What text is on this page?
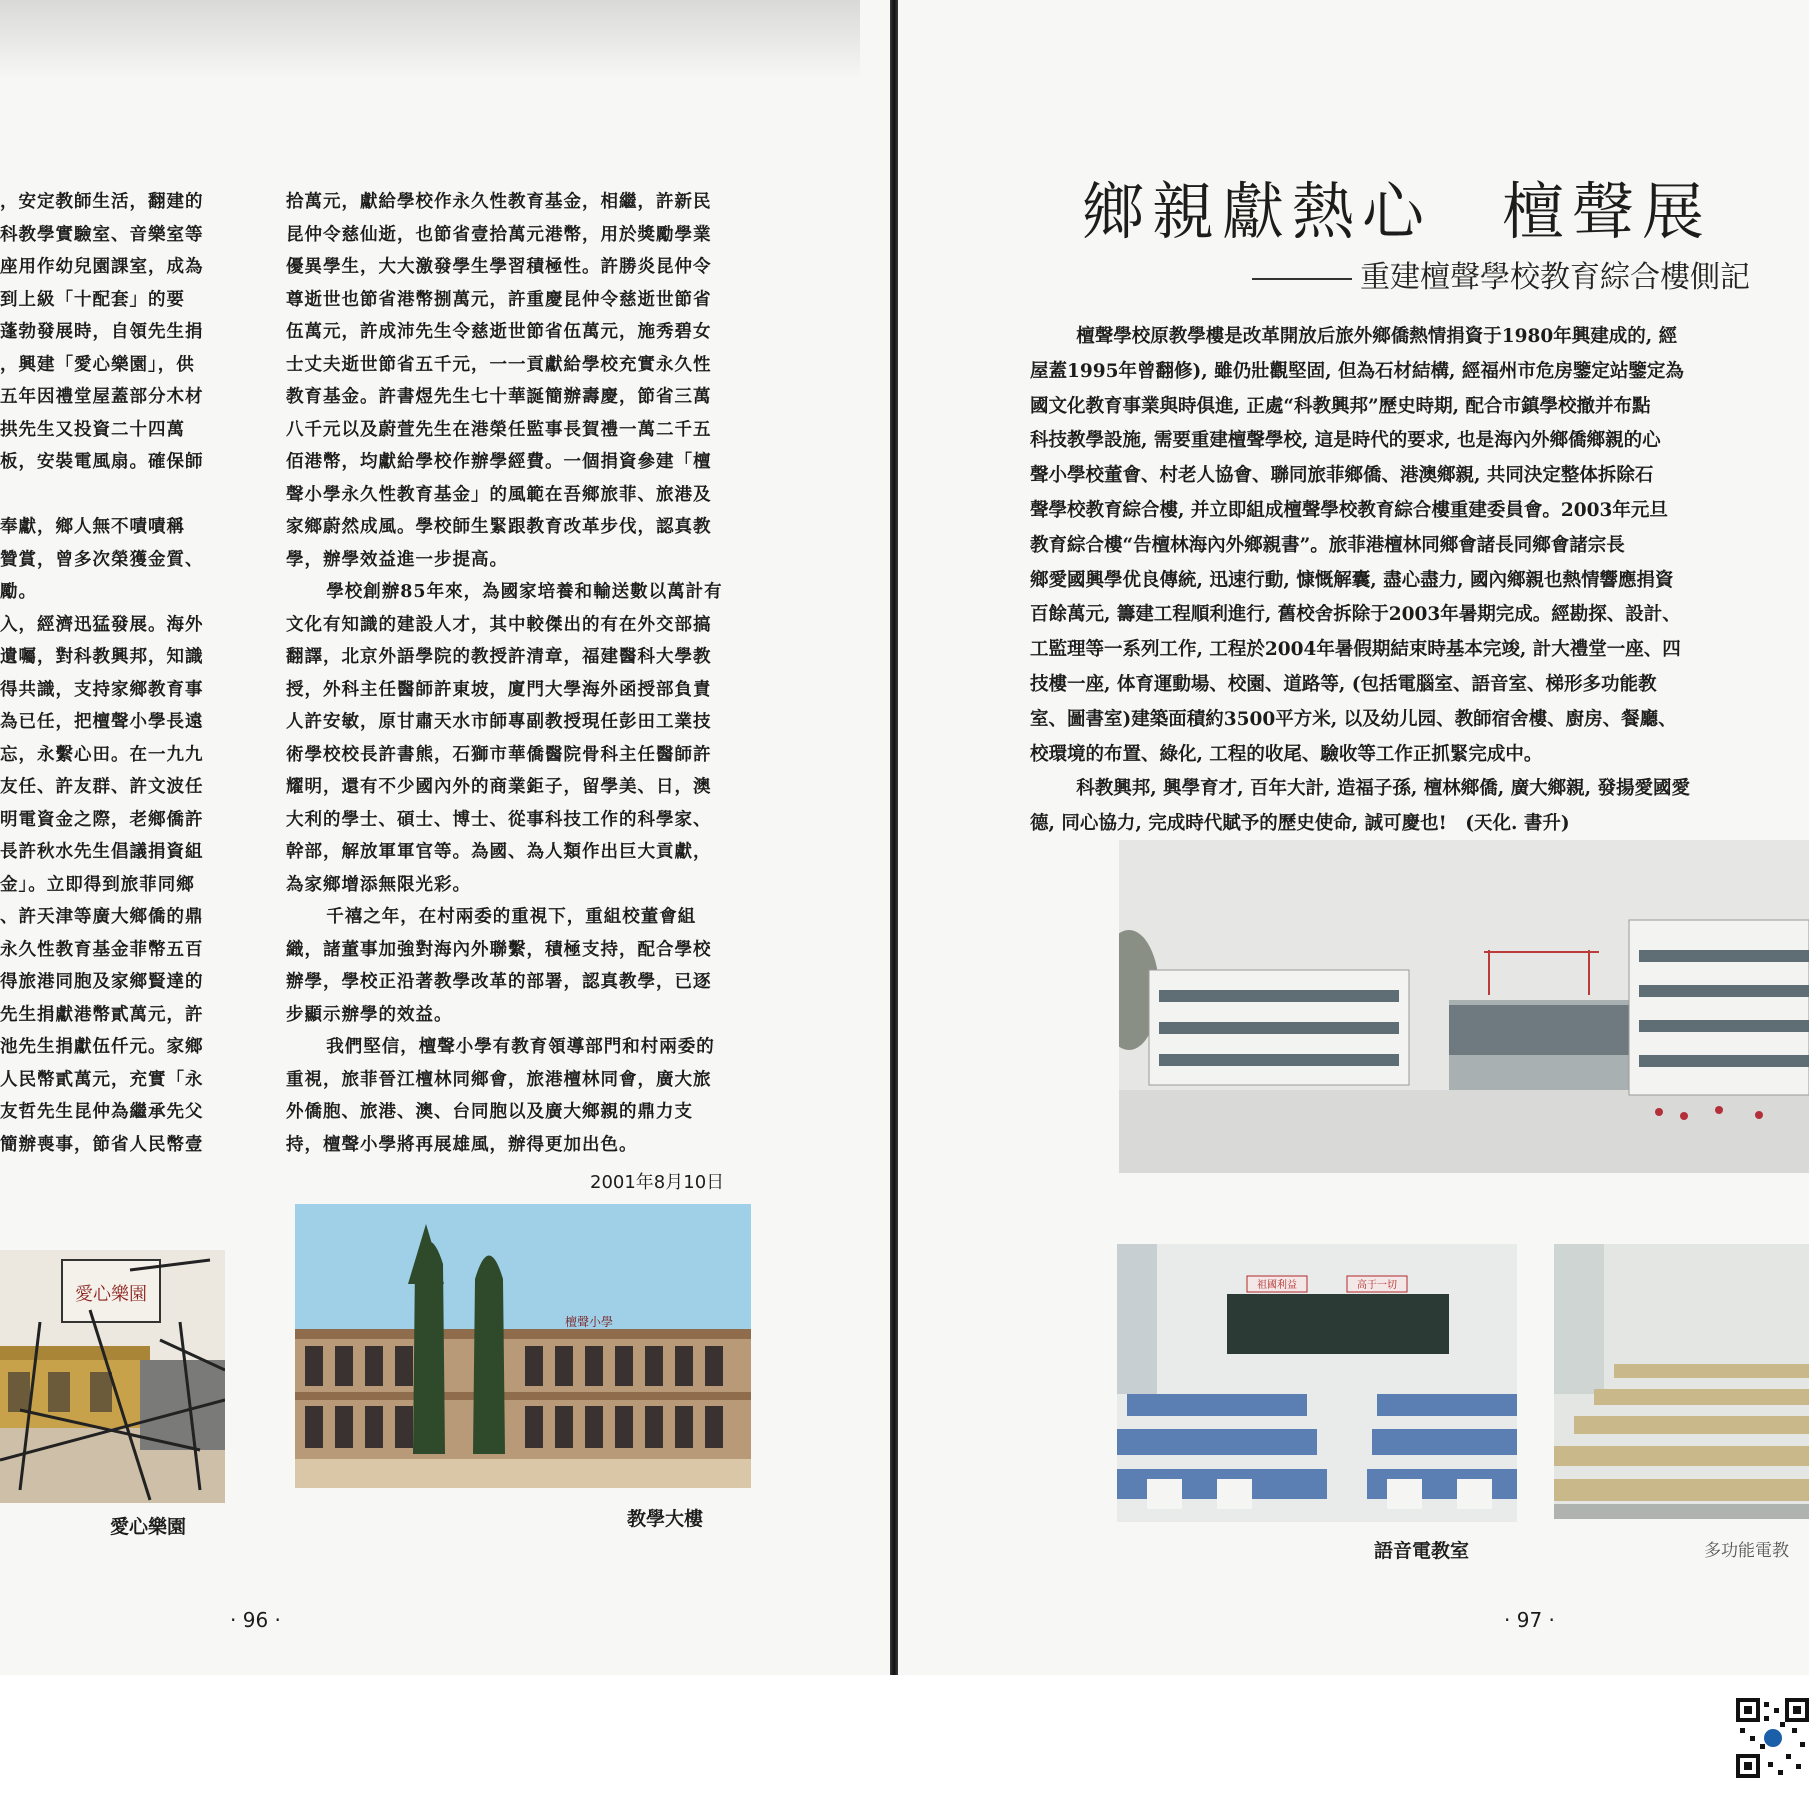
，安定教師生活，翻建的

科教學實驗室、音樂室等

座用作幼兒園課室，成為

到上級「十配套」的要

蓬勃發展時，自領先生捐

，興建「愛心樂園」，供

五年因禮堂屋蓋部分木材

拱先生又投資二十四萬

板，安裝電風扇。確保師

奉獻，鄉人無不嘖嘖稱

贊賞，曾多次榮獲金質、

勵。

入，經濟迅猛發展。海外

遺囑，對科教興邦，知識

得共識，支持家鄉教育事

為已任，把檀聲小學長遠

忘，永繫心田。在一九九

友任、許友群、許文波任

明電資金之際，老鄉僑許

長許秋水先生倡議捐資組

金」。立即得到旅菲同鄉

、許天津等廣大鄉僑的鼎

永久性教育基金菲幣五百

得旅港同胞及家鄉賢達的

先生捐獻港幣貳萬元，許

池先生捐獻伍仟元。家鄉

人民幣貳萬元，充實「永

友哲先生昆仲為繼承先父

簡辦喪事，節省人民幣壹

拾萬元，獻給學校作永久性教育基金，相繼，許新民

昆仲令慈仙逝，也節省壹拾萬元港幣，用於獎勵學業

優異學生，大大激發學生學習積極性。許勝炎昆仲令

尊逝世也節省港幣捌萬元，許重慶昆仲令慈逝世節省

伍萬元，許成沛先生令慈逝世節省伍萬元，施秀碧女

士丈夫逝世節省五千元，一一貢獻給學校充實永久性

教育基金。許書煜先生七十華誕簡辦壽慶，節省三萬

八千元以及蔚萱先生在港榮任監事長賀禮一萬二千五

佰港幣，均獻給學校作辦學經費。一個捐資參建「檀

聲小學永久性教育基金」的風範在吾鄉旅菲、旅港及

家鄉蔚然成風。學校師生緊跟教育改革步伐，認真教

學，辦學效益進一步提高。

學校創辦85年來，為國家培養和輸送數以萬計有

文化有知識的建設人才，其中較傑出的有在外交部搞

翻譯，北京外語學院的教授許清章，福建醫科大學教

授，外科主任醫師許東坡，廈門大學海外函授部負責

人許安敏，原甘肅天水市師專副教授現任彭田工業技

術學校校長許書熊，石獅市華僑醫院骨科主任醫師許

耀明，還有不少國內外的商業鉅子，留學美、日，澳

大利的學士、碩士、博士、從事科技工作的科學家、

幹部，解放軍軍官等。為國、為人類作出巨大貢獻，

為家鄉增添無限光彩。

千禧之年，在村兩委的重視下，重組校董會組

織，諸董事加強對海內外聯繫，積極支持，配合學校

辦學，學校正沿著教學改革的部署，認真教學，已逐

步顯示辦學的效益。

我們堅信，檀聲小學有教育領導部門和村兩委的

重視，旅菲晉江檀林同鄉會，旅港檀林同會，廣大旅

外僑胞、旅港、澳、台同胞以及廣大鄉親的鼎力支

持，檀聲小學將再展雄風，辦得更加出色。

2001年8月10日
愛心樂園
愛心樂園
檀聲小學
教學大樓
· 96 ·
鄉親獻熱心　檀聲展
重建檀聲學校教育綜合樓側記

檀聲學校原教學樓是改革開放后旅外鄉僑熱情捐資于1980年興建成的, 經

屋蓋1995年曾翻修), 雖仍壯觀堅固, 但為石材結構, 經福州市危房鑒定站鑒定為

國文化教育事業與時俱進, 正處“科教興邦”歷史時期, 配合市鎮學校撤并布點

科技教學設施, 需要重建檀聲學校, 這是時代的要求, 也是海內外鄉僑鄉親的心

聲小學校董會、村老人協會、聯同旅菲鄉僑、港澳鄉親, 共同決定整体拆除石

聲學校教育綜合樓, 并立即組成檀聲學校教育綜合樓重建委員會。2003年元旦

教育綜合樓“告檀林海內外鄉親書”。旅菲港檀林同鄉會諸長同鄉會諸宗長

鄉愛國興學优良傳統, 迅速行動, 慷慨解囊, 盡心盡力, 國內鄉親也熱情響應捐資

百餘萬元, 籌建工程順利進行, 舊校舍拆除于2003年暑期完成。經勘探、設計、

工監理等一系列工作, 工程於2004年暑假期結束時基本完竣, 計大禮堂一座、四

技樓一座, 体育運動場、校園、道路等, (包括電腦室、語音室、梯形多功能教

室、圖書室)建築面積約3500平方米, 以及幼儿园、教師宿舍樓、廚房、餐廳、

校環境的布置、綠化, 工程的收尾、驗收等工作正抓緊完成中。

科教興邦, 興學育才, 百年大計, 造福子孫, 檀林鄉僑, 廣大鄉親, 發揚愛國愛

德, 同心協力, 完成時代賦予的歷史使命, 誠可慶也!　(天化. 書升)

祖國利益	高于一切
語音電教室	多功能電教
· 97 ·
